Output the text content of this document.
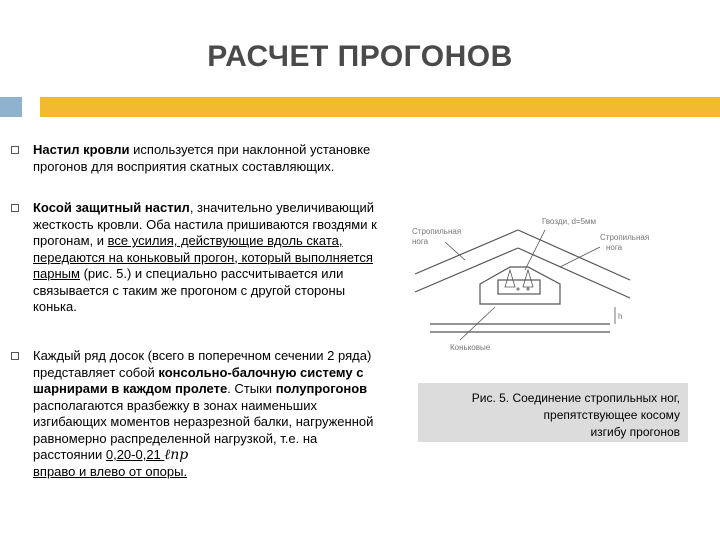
РАСЧЕТ ПРОГОНОВ
Настил кровли используется при наклонной установке прогонов для восприятия скатных составляющих.
Косой защитный настил, значительно увеличивающий жесткость кровли. Оба настила пришиваются гвоздями к прогонам, и все усилия, действующие вдоль ската, передаются на коньковый прогон, который выполняется парным (рис. 5.) и специально рассчитывается или связывается с таким же прогоном с другой стороны конька.
Каждый ряд досок (всего в поперечном сечении 2 ряда) представляет собой консольно-балочную систему с шарнирами в каждом пролете. Стыки полупрогонов располагаются вразбежку в зонах наименьших изгибающих моментов неразрезной балки, нагруженной равномерно распределенной нагрузкой, т.е. на расстоянии 0,20-0,21 ℓпр
вправо и влево от опоры.
Стропильная
нога
Гвозди, d=5мм
Стропильная
нога
Коньковые
h
Рис. 5. Соединение стропильных ног,
препятствующее косому
изгибу прогонов
